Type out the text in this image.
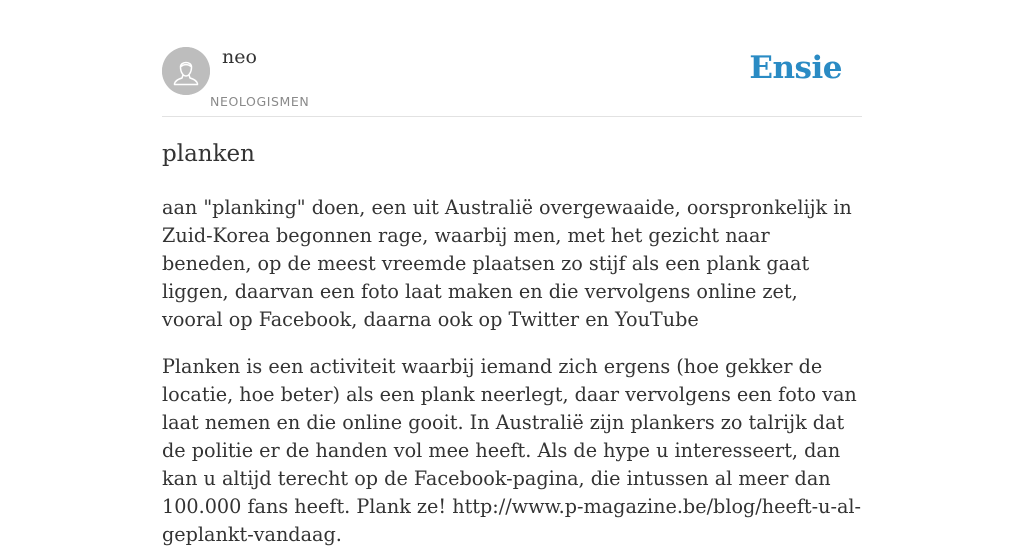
neo
NEOLOGISMEN
Ensie
planken

aan "planking" doen, een uit Australië overgewaaide, oorspronkelijk in Zuid-Korea begonnen rage, waarbij men, met het gezicht naar beneden, op de meest vreemde plaatsen zo stijf als een plank gaat liggen, daarvan een foto laat maken en die vervolgens online zet, vooral op Facebook, daarna ook op Twitter en YouTube

Planken is een activiteit waarbij iemand zich ergens (hoe gekker de locatie, hoe beter) als een plank neerlegt, daar vervolgens een foto van laat nemen en die online gooit. In Australië zijn plankers zo talrijk dat de politie er de handen vol mee heeft. Als de hype u interesseert, dan kan u altijd terecht op de Facebook-pagina, die intussen al meer dan 100.000 fans heeft. Plank ze! http://www.p-magazine.be/blog/heeft-u-al-geplankt-vandaag.
